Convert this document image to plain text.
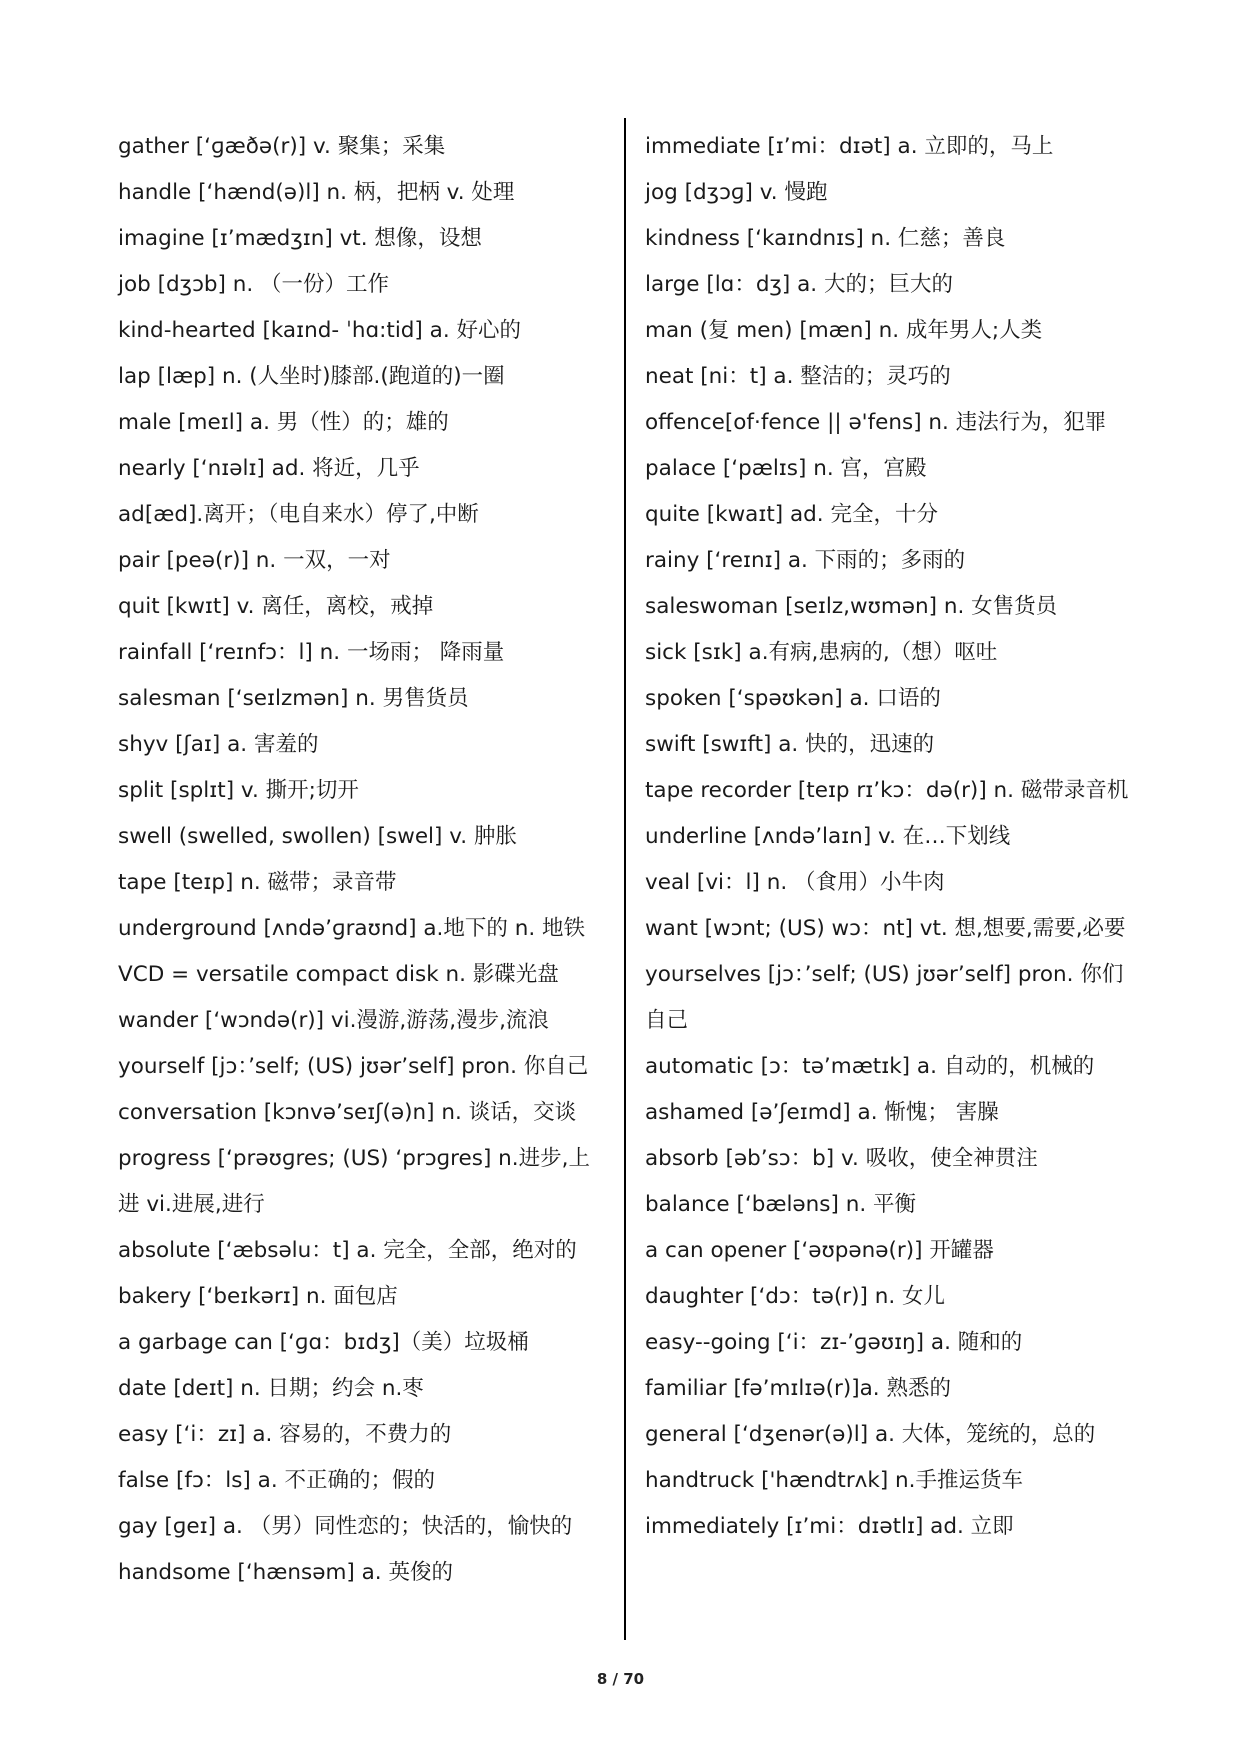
gather [‘ɡæðə(r)] v. 聚集；采集

handle [‘hænd(ə)l] n. 柄，把柄 v. 处理

imagine [ɪ’mædʒɪn] vt. 想像，设想

job [dʒɔb] n. （一份）工作

kind-hearted [kaɪnd- ˈhɑ:tid] a. 好心的

lap [læp] n. (人坐时)膝部.(跑道的)一圈

male [meɪl] a. 男（性）的；雄的

nearly [‘nɪəlɪ] ad. 将近，几乎

ad[æd].离开；（电自来水）停了,中断

pair [peə(r)] n. 一双，一对

quit [kwɪt] v. 离任，离校，戒掉

rainfall [‘reɪnfɔ：l] n. 一场雨； 降雨量

salesman [‘seɪlzmən] n. 男售货员

shyv [ʃaɪ] a. 害羞的

split [splɪt] v. 撕开;切开

swell (swelled, swollen) [swel] v. 肿胀

tape [teɪp] n. 磁带；录音带

underground [ʌndə’ɡraʊnd] a.地下的 n. 地铁

VCD = versatile compact disk n. 影碟光盘

wander [‘wɔndə(r)] vi.漫游,游荡,漫步,流浪

yourself [jɔ：’self; (US) jʊər’self] pron. 你自己

conversation [kɔnvə’seɪʃ(ə)n] n. 谈话，交谈

progress [‘prəʊɡres; (US) ‘prɔɡres] n.进步,上进 vi.进展,进行

absolute [‘æbsəlu：t] a. 完全，全部，绝对的

bakery [‘beɪkərɪ] n. 面包店

a garbage can [‘ɡɑ：bɪdʒ]（美）垃圾桶

date [deɪt] n. 日期；约会 n.枣

easy [‘i：zɪ] a. 容易的，不费力的

false [fɔ：ls] a. 不正确的；假的

gay [ɡeɪ] a. （男）同性恋的；快活的，愉快的

handsome [‘hænsəm] a. 英俊的

immediate [ɪ’mi：dɪət] a. 立即的，马上

jog [dʒɔɡ] v. 慢跑

kindness [‘kaɪndnɪs] n. 仁慈；善良

large [lɑ：dʒ] a. 大的；巨大的

man (复 men) [mæn] n. 成年男人;人类

neat [ni：t] a. 整洁的；灵巧的

offence[of·fence || ə'fens] n. 违法行为，犯罪

palace [‘pælɪs] n. 宫，宫殿

quite [kwaɪt] ad. 完全，十分

rainy [‘reɪnɪ] a. 下雨的；多雨的

saleswoman [seɪlz,wʊmən] n. 女售货员

sick [sɪk] a.有病,患病的,（想）呕吐

spoken [‘spəʊkən] a. 口语的

swift [swɪft] a. 快的，迅速的

tape recorder [teɪp rɪ’kɔ：də(r)] n. 磁带录音机

underline [ʌndə’laɪn] v. 在…下划线

veal [vi：l] n. （食用）小牛肉

want [wɔnt; (US) wɔ：nt] vt. 想,想要,需要,必要

yourselves [jɔ：’self; (US) jʊər’self] pron. 你们自己

automatic [ɔ：tə’mætɪk] a. 自动的，机械的

ashamed [ə’ʃeɪmd] a. 惭愧； 害臊

absorb [əb’sɔ：b] v. 吸收，使全神贯注

balance [‘bæləns] n. 平衡

a can opener [‘əʊpənə(r)] 开罐器

daughter [‘dɔ：tə(r)] n. 女儿

easy--going [‘i：zɪ-’ɡəʊɪŋ] a. 随和的

familiar [fə’mɪlɪə(r)]a. 熟悉的

general [‘dʒenər(ə)l] a. 大体，笼统的，总的

handtruck ['hændtrʌk] n.手推运货车

immediately [ɪ’mi：dɪətlɪ] ad. 立即

8 / 70
